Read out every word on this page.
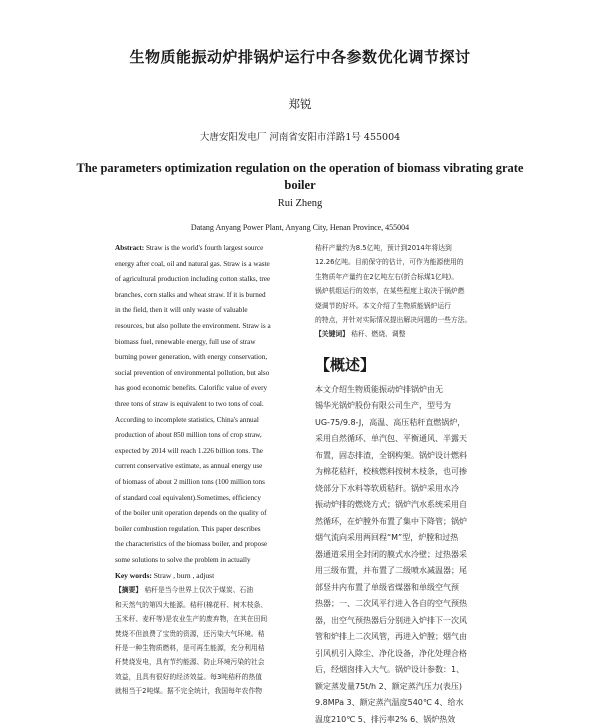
生物质能振动炉排锅炉运行中各参数优化调节探讨
郑锐
大唐安阳发电厂 河南省安阳市洋路1号 455004
The parameters optimization regulation on the operation of biomass vibrating grate boiler
Rui Zheng
Datang Anyang Power Plant, Anyang City, Henan Province, 455004
Abstract: Straw is the world's fourth largest source
energy after coal, oil and natural gas. Straw is a waste
of agricultural production including cotton stalks, tree
branches, corn stalks and wheat straw. If it is burned
in the field, then it will only waste of valuable
resources, but also pollute the environment. Straw is a
biomass fuel, renewable energy, full use of straw
burning power generation, with energy conservation,
social prevention of environmental pollution, but also
has good economic benefits. Calorific value of every
three tons of straw is equivalent to two tons of coal.
According to incomplete statistics, China's annual
production of about 850 million tons of crop straw,
expected by 2014 will reach 1.226 billion tons. The
current conservative estimate, as annual energy use
of biomass of about 2 million tons (100 million tons
of standard coal equivalent).Sometimes, efficiency
of the boiler unit operation depends on the quality of
boiler combustion regulation. This paper describes
the characteristics of the biomass boiler, and propose
some solutions to solve the problem in actually
Key words: Straw , burn , adjust
【摘要】 秸秆是当今世界上仅次于煤炭、石油
和天然气的第四大能源。秸秆(棉花秆、树木枝条、
玉米秆、麦秆等)是农业生产的废弃物，在其在田间
焚烧不但浪费了宝贵的资源，还污染大气环境。秸
秆是一种生物质燃料，是可再生能源，充分利用秸
秆焚烧发电，具有节约能源、防止环境污染的社会
效益，且具有很好的经济效益。每3吨秸秆的热值
就相当于2吨煤。据不完全统计，我国每年农作物
秸秆产量约为8.5亿吨，预计到2014年将达到
12.26亿吨。目前保守的估计，可作为能源使用的
生物质年产量约在2亿吨左右(折合标煤1亿吨)。
锅炉机组运行的效率，在某些程度上取决于锅炉燃
烧调节的好坏。本文介绍了生物质能锅炉运行
的特点，并针对实际情况提出解决问题的一些方法。
【关键词】 秸秆、燃烧、调整
【概述】
本文介绍生物质能振动炉排锅炉由无
锡华光锅炉股份有限公司生产，型号为
UG-75/9.8-J，高温、高压秸秆直燃锅炉，
采用自然循环、单汽包、平衡通风、半露天
布置，固态排渣，全钢构架。锅炉设计燃料
为棉花秸秆，校核燃料按树木枝条，也可掺
烧部分下水料等软质秸秆。锅炉采用水冷
振动炉排的燃烧方式；锅炉汽水系统采用自
然循环，在炉膛外布置了集中下降管；锅炉
烟气流向采用两回程“M”型，炉膛和过热
器通道采用全封闭的膜式水冷壁；过热器采
用三级布置，并布置了二级喷水减温器；尾
部竖井内布置了单级省煤器和单级空气预
热器；一、二次风平行进入各自的空气预热
器，出空气预热器后分别进入炉排下一次风
管和炉排上二次风管，再进入炉膛；烟气由
引风机引入除尘、净化设备，净化处理合格
后，经烟囱排入大气。锅炉设计参数：1、
额定蒸发量75t/h 2、额定蒸汽压力(表压)
9.8MPa 3、额定蒸汽温度540℃ 4、给水
温度210℃ 5、排污率2% 6、锅炉热效
